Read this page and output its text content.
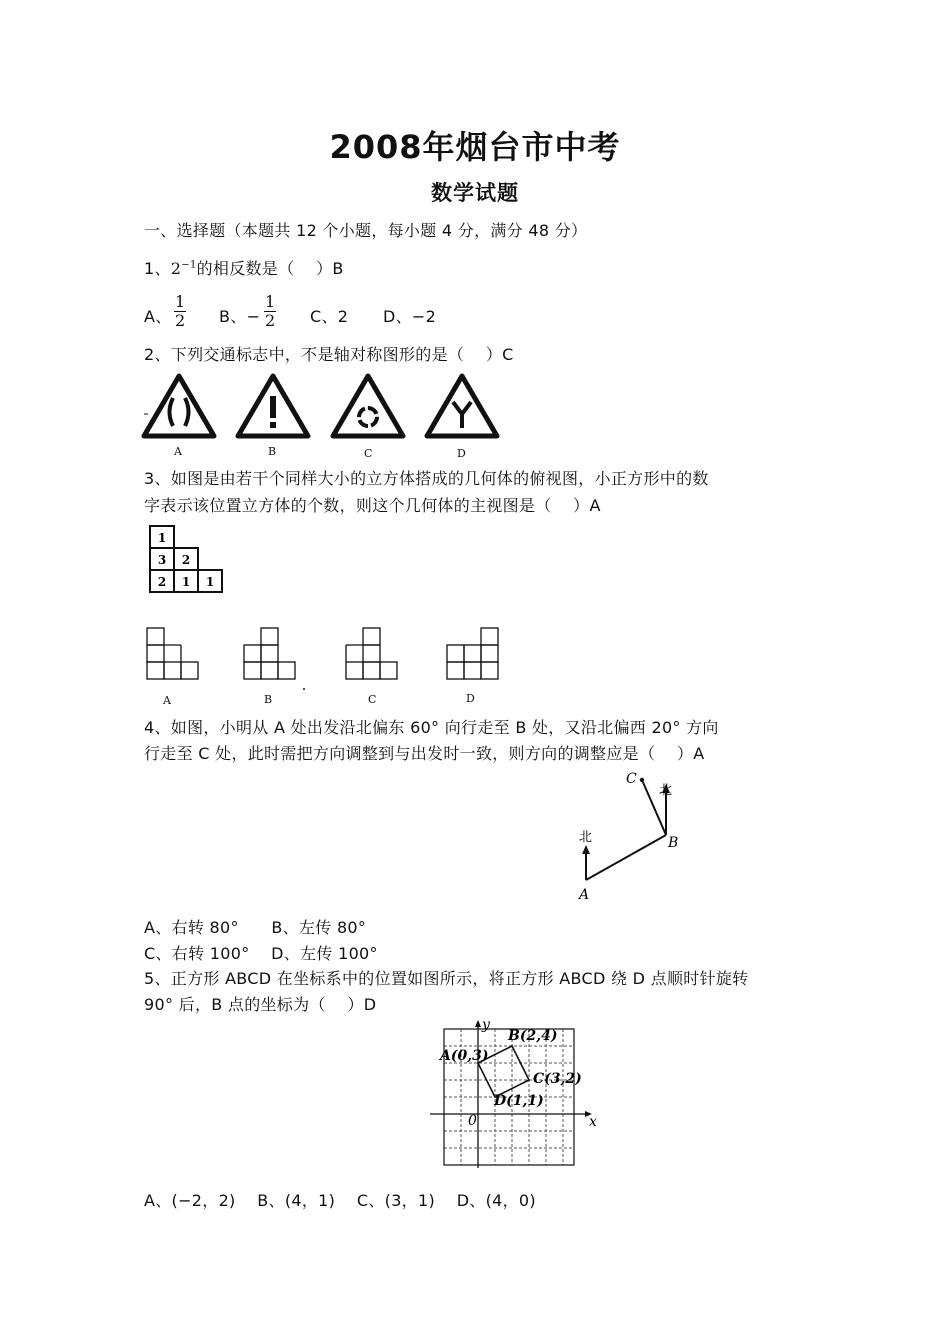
2008年烟台市中考
数学试题
一、选择题（本题共 12 个小题，每小题 4 分，满分 48 分）
1、$2^{-1}$的相反数是（　 ）B
A、 $\frac{1}{2}$ B、− $\frac{1}{2}$ C、2 D、−2
2、下列交通标志中，不是轴对称图形的是（　 ）C
A	B	C	D
3、如图是由若干个同样大小的立方体搭成的几何体的俯视图，小正方形中的数
字表示该位置立方体的个数，则这个几何体的主视图是（　 ）A
1
3 2
2 1 1
A	B	C	D
4、如图，小明从 A 处出发沿北偏东 60° 向行走至 B 处，又沿北偏西 20° 方向
行走至 C 处，此时需把方向调整到与出发时一致，则方向的调整应是（　 ）A
北
北
A
B
C
A、右转 80°　　B、左传 80°
C、右转 100°　 D、左传 100°
5、正方形 ABCD 在坐标系中的位置如图所示，将正方形 ABCD 绕 D 点顺时针旋转
90° 后，B 点的坐标为（　 ）D
x
y
0
A(0,3)
B(2,4)
C(3,2)
D(1,1)
A、(−2，2)　 B、(4，1)　 C、(3，1)　 D、(4，0)
